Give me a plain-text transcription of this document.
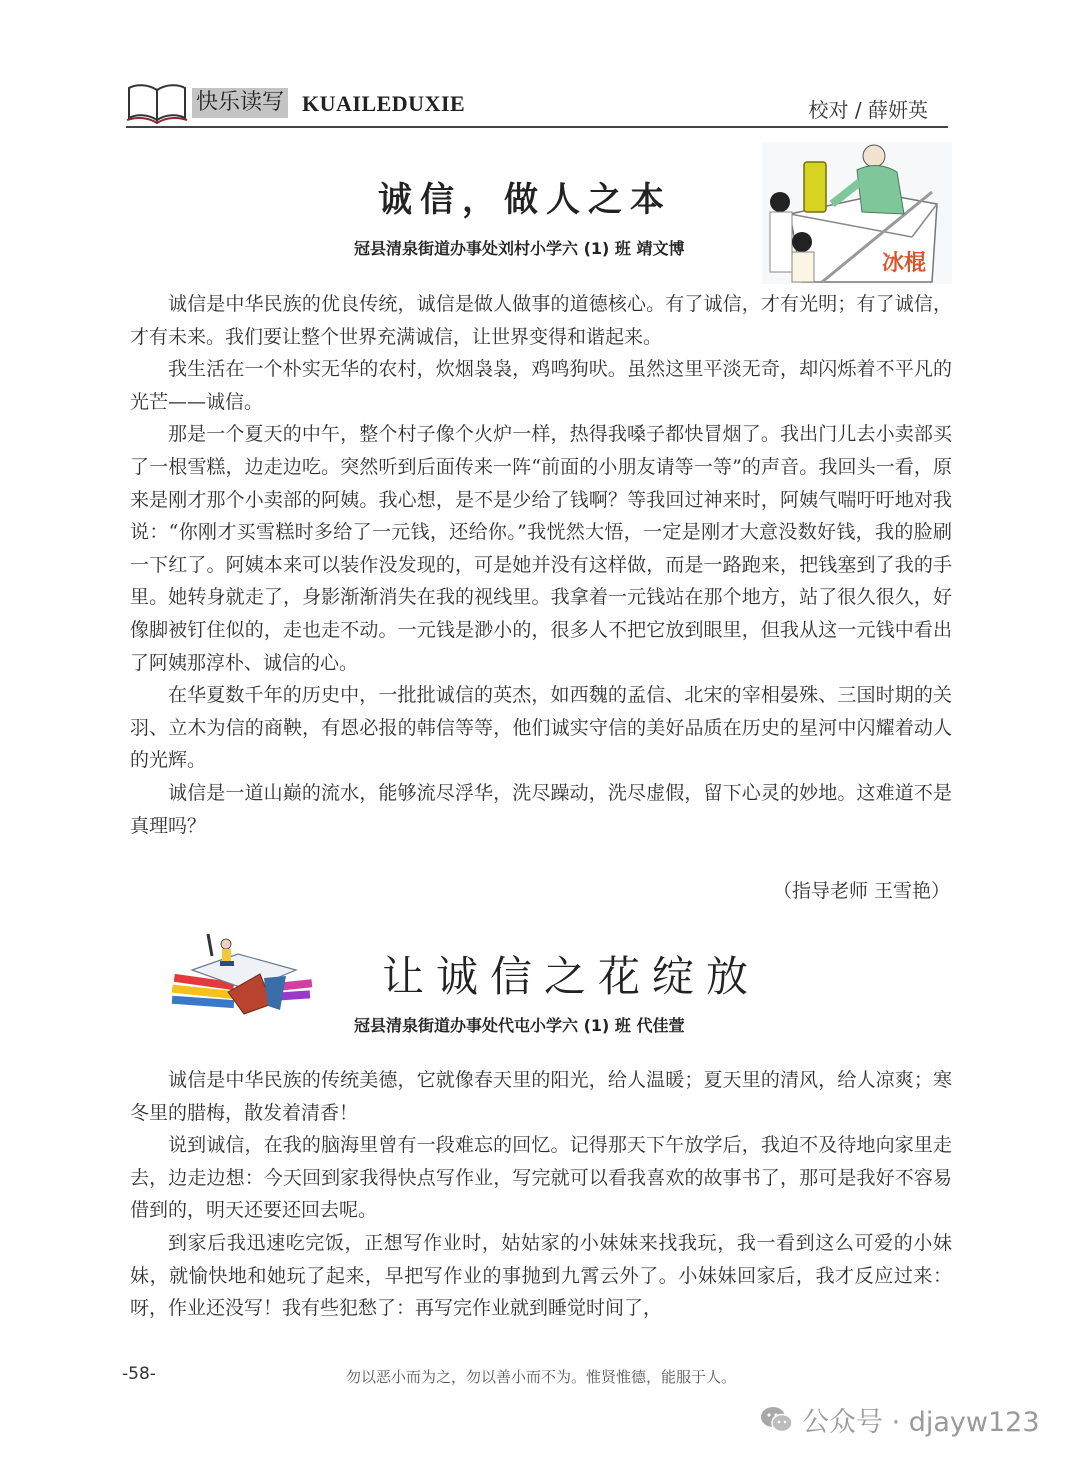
快乐读写 KUAILEDUXIE	校对 / 薛妍英
诚信，做人之本
冠县清泉街道办事处刘村小学六 (1) 班 靖文博
冰棍

诚信是中华民族的优良传统，诚信是做人做事的道德核心。有了诚信，才有光明；有了诚信，才有未来。我们要让整个世界充满诚信，让世界变得和谐起来。

我生活在一个朴实无华的农村，炊烟袅袅，鸡鸣狗吠。虽然这里平淡无奇，却闪烁着不平凡的光芒——诚信。

那是一个夏天的中午，整个村子像个火炉一样，热得我嗓子都快冒烟了。我出门儿去小卖部买了一根雪糕，边走边吃。突然听到后面传来一阵“前面的小朋友请等一等”的声音。我回头一看，原来是刚才那个小卖部的阿姨。我心想，是不是少给了钱啊？等我回过神来时，阿姨气喘吁吁地对我说：“你刚才买雪糕时多给了一元钱，还给你。”我恍然大悟，一定是刚才大意没数好钱，我的脸刷一下红了。阿姨本来可以装作没发现的，可是她并没有这样做，而是一路跑来，把钱塞到了我的手里。她转身就走了，身影渐渐消失在我的视线里。我拿着一元钱站在那个地方，站了很久很久，好像脚被钉住似的，走也走不动。一元钱是渺小的，很多人不把它放到眼里，但我从这一元钱中看出了阿姨那淳朴、诚信的心。

在华夏数千年的历史中，一批批诚信的英杰，如西魏的孟信、北宋的宰相晏殊、三国时期的关羽、立木为信的商鞅，有恩必报的韩信等等，他们诚实守信的美好品质在历史的星河中闪耀着动人的光辉。

诚信是一道山巅的流水，能够流尽浮华，洗尽躁动，洗尽虚假，留下心灵的妙地。这难道不是真理吗？

（指导老师 王雪艳）
让诚信之花绽放
冠县清泉街道办事处代屯小学六 (1) 班 代佳萱

诚信是中华民族的传统美德，它就像春天里的阳光，给人温暖；夏天里的清风，给人凉爽；寒冬里的腊梅，散发着清香！

说到诚信，在我的脑海里曾有一段难忘的回忆。记得那天下午放学后，我迫不及待地向家里走去，边走边想：今天回到家我得快点写作业，写完就可以看我喜欢的故事书了，那可是我好不容易借到的，明天还要还回去呢。

到家后我迅速吃完饭，正想写作业时，姑姑家的小妹妹来找我玩，我一看到这么可爱的小妹妹，就愉快地和她玩了起来，早把写作业的事抛到九霄云外了。小妹妹回家后，我才反应过来：呀，作业还没写！我有些犯愁了：再写完作业就到睡觉时间了，

-58-	勿以恶小而为之，勿以善小而不为。惟贤惟德，能服于人。
公众号 · djayw123
